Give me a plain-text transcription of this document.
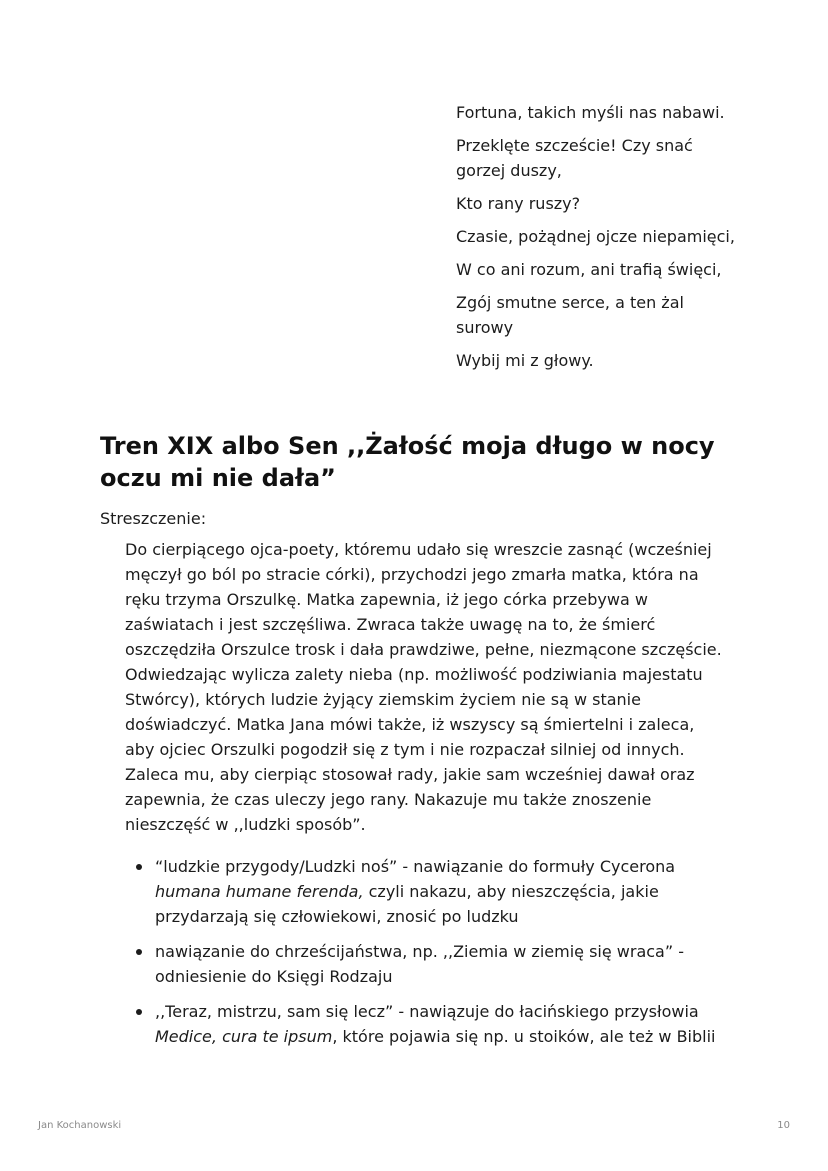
Fortuna, takich myśli nas nabawi.

Przeklęte szczeście! Czy snać gorzej duszy,

Kto rany ruszy?

Czasie, pożądnej ojcze niepamięci,

W co ani rozum, ani trafią święci,

Zgój smutne serce, a ten żal surowy

Wybij mi z głowy.

Tren XIX albo Sen ,,Żałość moja długo w nocy oczu mi nie dała”
Streszczenie:

Do cierpiącego ojca-poety, któremu udało się wreszcie zasnąć (wcześniej męczył go ból po stracie córki), przychodzi jego zmarła matka, która na ręku trzyma Orszulkę. Matka zapewnia, iż jego córka przebywa w zaświatach i jest szczęśliwa. Zwraca także uwagę na to, że śmierć oszczędziła Orszulce trosk i dała prawdziwe, pełne, niezmącone szczęście. Odwiedzając wylicza zalety nieba (np. możliwość podziwiania majestatu Stwórcy), których ludzie żyjący ziemskim życiem nie są w stanie doświadczyć. Matka Jana mówi także, iż wszyscy są śmiertelni i zaleca, aby ojciec Orszulki pogodził się z tym i nie rozpaczał silniej od innych. Zaleca mu, aby cierpiąc stosował rady, jakie sam wcześniej dawał oraz zapewnia, że czas uleczy jego rany. Nakazuje mu także znoszenie nieszczęść w ,,ludzki sposób”.

“ludzkie przygody/Ludzki noś” - nawiązanie do formuły Cycerona humana humane ferenda, czyli nakazu, aby nieszczęścia, jakie przydarzają się człowiekowi, znosić po ludzku
nawiązanie do chrześcijaństwa, np. ,,Ziemia w ziemię się wraca” - odniesienie do Księgi Rodzaju
,,Teraz, mistrzu, sam się lecz” - nawiązuje do łacińskiego przysłowia Medice, cura te ipsum, które pojawia się np. u stoików, ale też w Biblii
Jan Kochanowski	10
